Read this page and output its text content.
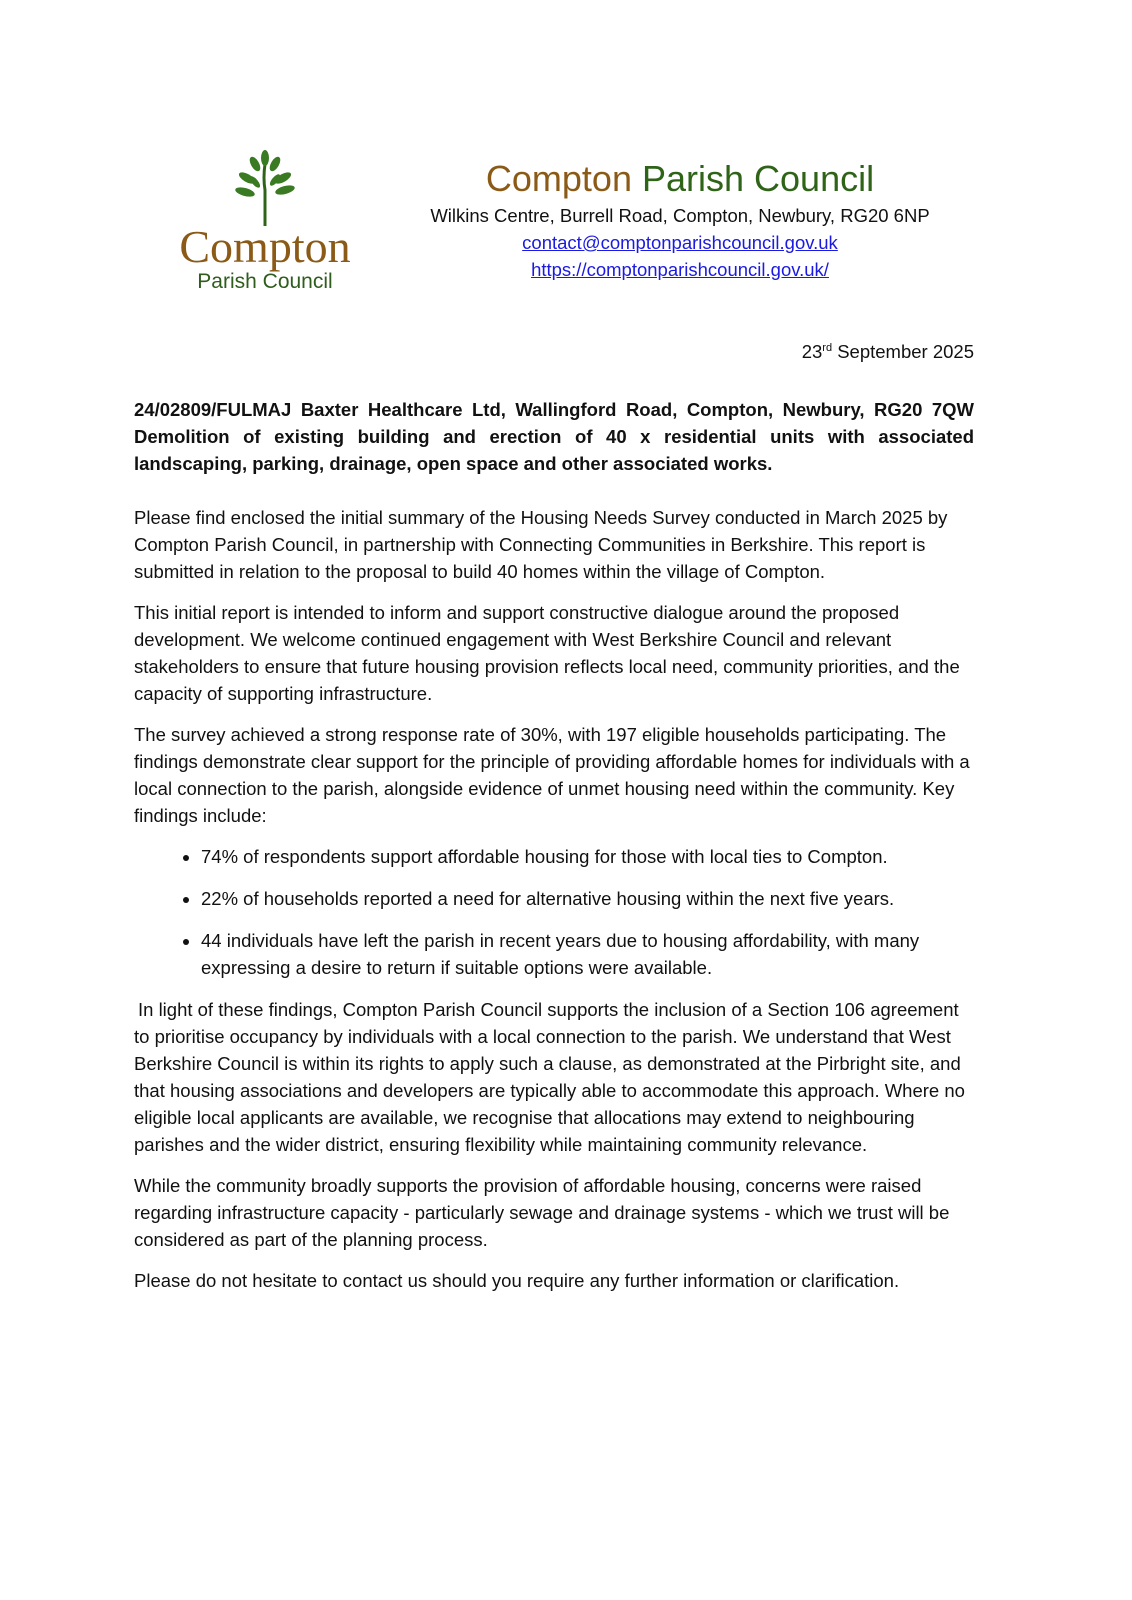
Compton
Parish Council
Compton Parish Council
Wilkins Centre, Burrell Road, Compton, Newbury, RG20 6NP
contact@comptonparishcouncil.gov.uk
https://comptonparishcouncil.gov.uk/
23rd September 2025
24/02809/FULMAJ Baxter Healthcare Ltd, Wallingford Road, Compton, Newbury, RG20 7QW Demolition of existing building and erection of 40 x residential units with associated landscaping, parking, drainage, open space and other associated works.

Please find enclosed the initial summary of the Housing Needs Survey conducted in March 2025 by Compton Parish Council, in partnership with Connecting Communities in Berkshire. This report is submitted in relation to the proposal to build 40 homes within the village of Compton.

This initial report is intended to inform and support constructive dialogue around the proposed development. We welcome continued engagement with West Berkshire Council and relevant stakeholders to ensure that future housing provision reflects local need, community priorities, and the capacity of supporting infrastructure.

The survey achieved a strong response rate of 30%, with 197 eligible households participating. The findings demonstrate clear support for the principle of providing affordable homes for individuals with a local connection to the parish, alongside evidence of unmet housing need within the community. Key findings include:

• 74% of respondents support affordable housing for those with local ties to Compton.
• 22% of households reported a need for alternative housing within the next five years.
• 44 individuals have left the parish in recent years due to housing affordability, with many expressing a desire to return if suitable options were available.

In light of these findings, Compton Parish Council supports the inclusion of a Section 106 agreement to prioritise occupancy by individuals with a local connection to the parish. We understand that West Berkshire Council is within its rights to apply such a clause, as demonstrated at the Pirbright site, and that housing associations and developers are typically able to accommodate this approach. Where no eligible local applicants are available, we recognise that allocations may extend to neighbouring parishes and the wider district, ensuring flexibility while maintaining community relevance.

While the community broadly supports the provision of affordable housing, concerns were raised regarding infrastructure capacity - particularly sewage and drainage systems - which we trust will be considered as part of the planning process.

Please do not hesitate to contact us should you require any further information or clarification.
